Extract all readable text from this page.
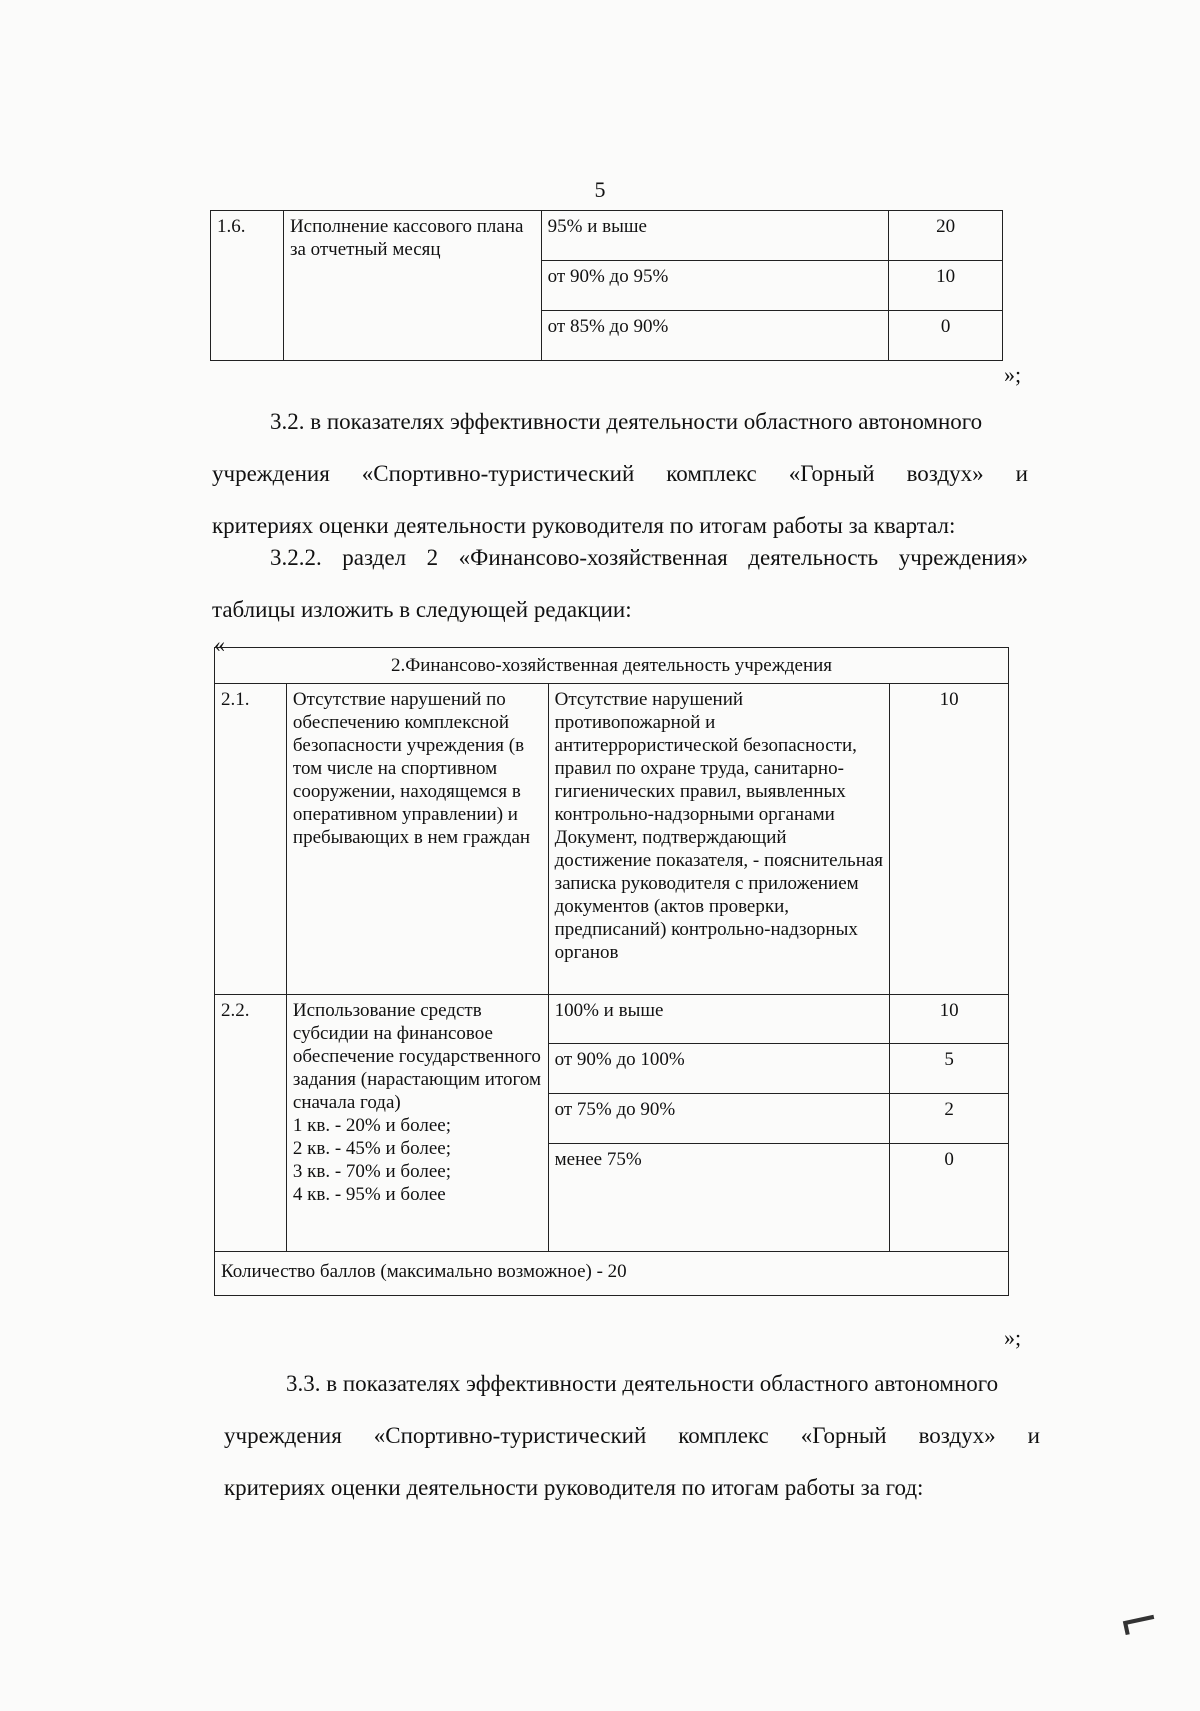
5
1.6.	Исполнение кассового плана за отчетный месяц	95% и выше	20
		от 90% до 95%	10
		от 85% до 90%	0
»;
3.2. в показателях эффективности деятельности областного автономного
учреждения «Спортивно-туристический комплекс «Горный воздух» и
критериях оценки деятельности руководителя по итогам работы за квартал:
3.2.2. раздел 2 «Финансово-хозяйственная деятельность учреждения»
таблицы изложить в следующей редакции:
«
2.Финансово-хозяйственная деятельность учреждения			
2.1.	Отсутствие нарушений по обеспечению комплексной безопасности учреждения (в том числе на спортивном сооружении, находящемся в оперативном управлении) и пребывающих в нем граждан	Отсутствие нарушений противопожарной и антитеррористической безопасности, правил по охране труда, санитарно-гигиенических правил, выявленных контрольно-надзорными органами Документ, подтверждающий достижение показателя, - пояснительная записка руководителя с приложением документов (актов проверки, предписаний) контрольно-надзорных органов	10
2.2.	Использование средств субсидии на финансовое обеспечение государственного задания (нарастающим итогом сначала года)
1 кв. - 20% и более;
2 кв. - 45% и более;
3 кв. - 70% и более;
4 кв. - 95% и более	100% и выше	10
		от 90% до 100%	5
		от 75% до 90%	2
		менее 75%	0
Количество баллов (максимально возможное) - 20			
»;
3.3. в показателях эффективности деятельности областного автономного
учреждения «Спортивно-туристический комплекс «Горный воздух» и
критериях оценки деятельности руководителя по итогам работы за год:
⌐
